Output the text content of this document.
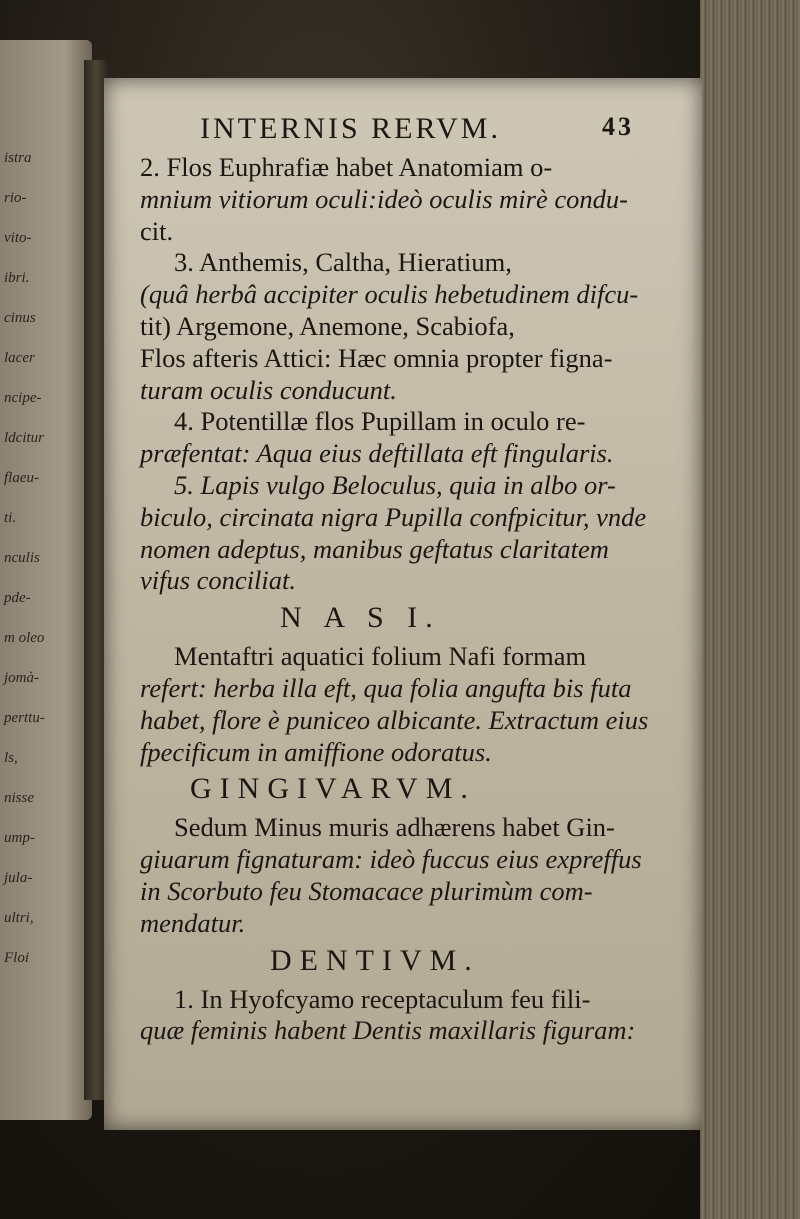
istra
rio-
vito-
ibri.
cinus
lacer
ncipe-
ldcitur
flaeu-
ti.
nculis
pde-
m oleo
jomà-
perttu-
ls,
nisse
ump-
jula-
ultri,
Floi
INTERNIS RERVM.	43

2. Flos Euphrafiæ habet Anatomiam o-
mnium vitiorum oculi:ideò oculis mirè condu-
cit.

3. Anthemis, Caltha, Hieratium,
(quâ herbâ accipiter oculis hebetudinem difcu-
tit) Argemone, Anemone, Scabiofa,
Flos afteris Attici: Hæc omnia propter figna-
turam oculis conducunt.

4. Potentillæ flos Pupillam in oculo re-
præfentat: Aqua eius deftillata eft fingularis.

5. Lapis vulgo Beloculus, quia in albo or-
biculo, circinata nigra Pupilla confpicitur, vnde
nomen adeptus, manibus geftatus claritatem
vifus conciliat.

N A S I.

Mentaftri aquatici folium Nafi formam
refert: herba illa eft, qua folia angufta bis futa
habet, flore è puniceo albicante. Extractum eius
fpecificum in amiffione odoratus.

GINGIVARVM.

Sedum Minus muris adhærens habet Gin-
giuarum fignaturam: ideò fuccus eius expreffus
in Scorbuto feu Stomacace plurimùm com-
mendatur.

DENTIVM.

1. In Hyofcyamo receptaculum feu fili-
quæ feminis habent Dentis maxillaris figuram:
